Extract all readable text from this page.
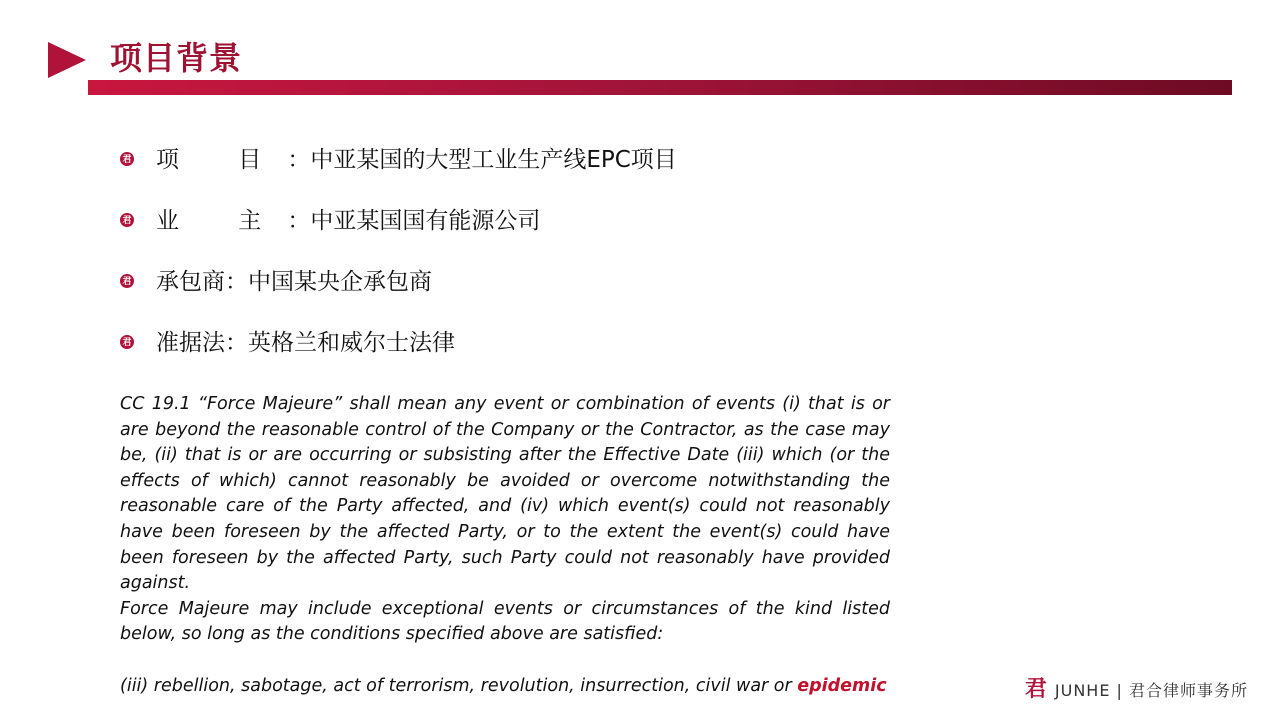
项目背景
君 项 目：中亚某国的大型工业生产线EPC项目
君 业 主：中亚某国国有能源公司
君 承包商：中国某央企承包商
君 准据法：英格兰和威尔士法律

CC 19.1 “Force Majeure” shall mean any event or combination of events (i) that is or are beyond the reasonable control of the Company or the Contractor, as the case may be, (ii) that is or are occurring or subsisting after the Effective Date (iii) which (or the effects of which) cannot reasonably be avoided or overcome notwithstanding the reasonable care of the Party affected, and (iv) which event(s) could not reasonably have been foreseen by the affected Party, or to the extent the event(s) could have been foreseen by the affected Party, such Party could not reasonably have provided against.

Force Majeure may include exceptional events or circumstances of the kind listed below, so long as the conditions specified above are satisfied:

(iii) rebellion, sabotage, act of terrorism, revolution, insurrection, civil war or epidemic	君 JUNHE | 君合律师事务所
